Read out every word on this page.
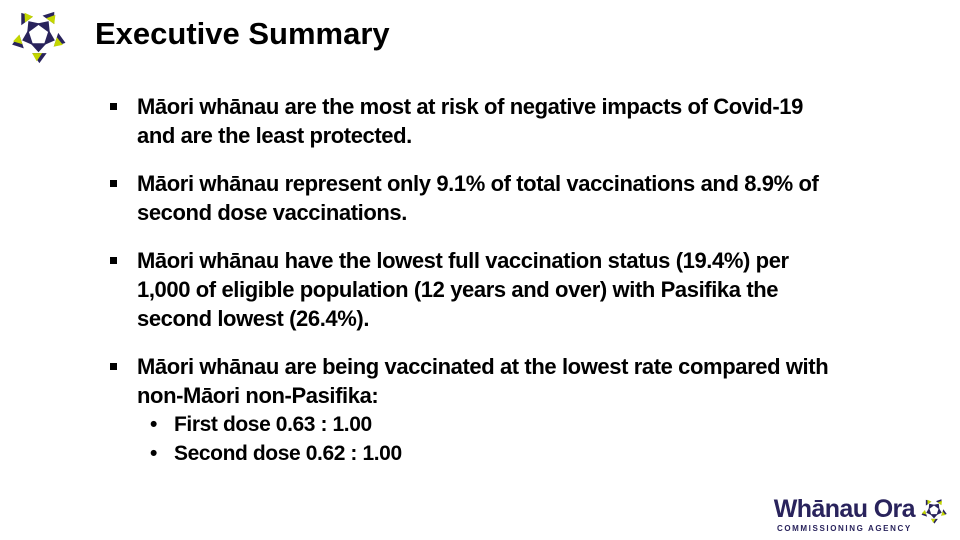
Executive Summary
Māori whānau are the most at risk of negative impacts of Covid-19
and are the least protected.
Māori whānau represent only 9.1% of total vaccinations and 8.9% of
second dose vaccinations.
Māori whānau have the lowest full vaccination status (19.4%) per
1,000 of eligible population (12 years and over) with Pasifika the
second lowest (26.4%).
Māori whānau are being vaccinated at the lowest rate compared with
non-Māori non-Pasifika:
• First dose 0.63 : 1.00
• Second dose 0.62 : 1.00
Whānau Ora
COMMISSIONING AGENCY
